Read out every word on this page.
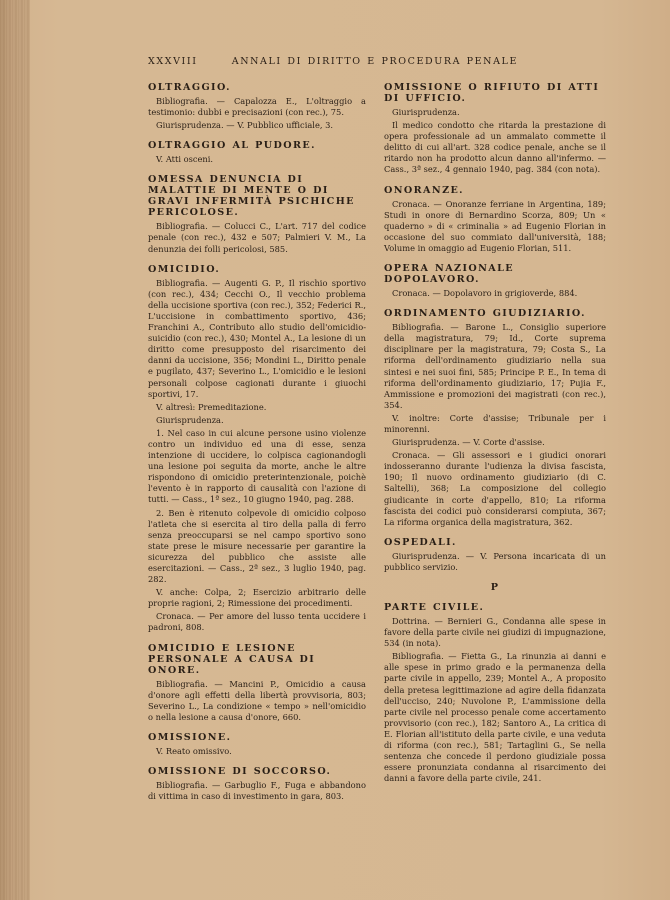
XXXVIII	ANNALI DI DIRITTO E PROCEDURA PENALE
OLTRAGGIO.

Bibliografia. — Capalozza E., L'oltraggio a testimonio: dubbi e precisazioni (con rec.), 75.

Giurisprudenza. — V. Pubblico ufficiale, 3.

OLTRAGGIO AL PUDORE.

V. Atti osceni.

OMESSA DENUNCIA DI MALATTIE DI MENTE O DI GRAVI INFERMITÀ PSICHICHE PERICOLOSE.

Bibliografia. — Colucci C., L'art. 717 del codice penale (con rec.), 432 e 507; Palmieri V. M., La denunzia dei folli pericolosi, 585.

OMICIDIO.

Bibliografia. — Augenti G. P., Il rischio sportivo (con rec.), 434; Cecchi O., Il vecchio problema della uccisione sportiva (con rec.), 352; Federici R., L'uccisione in combattimento sportivo, 436; Franchini A., Contributo allo studio dell'omicidio-suicidio (con rec.), 430; Montel A., La lesione di un diritto come presupposto del risarcimento dei danni da uccisione, 356; Mondini L., Diritto penale e pugilato, 437; Severino L., L'omicidio e le lesioni personali colpose cagionati durante i giuochi sportivi, 17.

V. altresì: Premeditazione.

Giurisprudenza.

1. Nel caso in cui alcune persone usino violenze contro un individuo ed una di esse, senza intenzione di uccidere, lo colpisca cagionandogli una lesione poi seguita da morte, anche le altre rispondono di omicidio preterintenzionale, poichè l'evento è in rapporto di causalità con l'azione di tutti. — Cass., 1ª sez., 10 giugno 1940, pag. 288.

2. Ben è ritenuto colpevole di omicidio colposo l'atleta che si esercita al tiro della palla di ferro senza preoccuparsi se nel campo sportivo sono state prese le misure necessarie per garantire la sicurezza del pubblico che assiste alle esercitazioni. — Cass., 2ª sez., 3 luglio 1940, pag. 282.

V. anche: Colpa, 2; Esercizio arbitrario delle proprie ragioni, 2; Rimessione dei procedimenti.

Cronaca. — Per amore del lusso tenta uccidere i padroni, 808.

OMICIDIO E LESIONE PERSONALE A CAUSA DI ONORE.

Bibliografia. — Mancini P., Omicidio a causa d'onore agli effetti della libertà provvisoria, 803; Severino L., La condizione « tempo » nell'omicidio o nella lesione a causa d'onore, 660.

OMISSIONE.

V. Reato omissivo.

OMISSIONE DI SOCCORSO.

Bibliografia. — Garbuglio F., Fuga e abbandono di vittima in caso di investimento in gara, 803.

OMISSIONE O RIFIUTO DI ATTI DI UFFICIO.

Giurisprudenza.

Il medico condotto che ritarda la prestazione di opera professionale ad un ammalato commette il delitto di cui all'art. 328 codice penale, anche se il ritardo non ha prodotto alcun danno all'infermo. — Cass., 3ª sez., 4 gennaio 1940, pag. 384 (con nota).

ONORANZE.

Cronaca. — Onoranze ferriane in Argentina, 189; Studi in onore di Bernardino Scorza, 809; Un « quaderno » di « criminalia » ad Eugenio Florian in occasione del suo commiato dall'università, 188; Volume in omaggio ad Eugenio Florian, 511.

OPERA NAZIONALE DOPOLAVORO.

Cronaca. — Dopolavoro in grigioverde, 884.

ORDINAMENTO GIUDIZIARIO.

Bibliografia. — Barone L., Consiglio superiore della magistratura, 79; Id., Corte suprema disciplinare per la magistratura, 79; Costa S., La riforma dell'ordinamento giudiziario nella sua sintesi e nei suoi fini, 585; Principe P. E., In tema di riforma dell'ordinamento giudiziario, 17; Pujia F., Ammissione e promozioni dei magistrati (con rec.), 354.

V. inoltre: Corte d'assise; Tribunale per i minorenni.

Giurisprudenza. — V. Corte d'assise.

Cronaca. — Gli assessori e i giudici onorari indosseranno durante l'udienza la divisa fascista, 190; Il nuovo ordinamento giudiziario (di C. Saltelli), 368; La composizione del collegio giudicante in corte d'appello, 810; La riforma fascista dei codici può considerarsi compiuta, 367; La riforma organica della magistratura, 362.

OSPEDALI.

Giurisprudenza. — V. Persona incaricata di un pubblico servizio.

P
PARTE CIVILE.

Dottrina. — Bernieri G., Condanna alle spese in favore della parte civile nei giudizi di impugnazione, 534 (in nota).

Bibliografia. — Fietta G., La rinunzia ai danni e alle spese in primo grado e la permanenza della parte civile in appello, 239; Montel A., A proposito della pretesa legittimazione ad agire della fidanzata dell'ucciso, 240; Nuvolone P., L'ammissione della parte civile nel processo penale come accertamento provvisorio (con rec.), 182; Santoro A., La critica di E. Florian all'istituto della parte civile, e una veduta di riforma (con rec.), 581; Tartaglini G., Se nella sentenza che concede il perdono giudiziale possa essere pronunziata condanna al risarcimento dei danni a favore della parte civile, 241.
